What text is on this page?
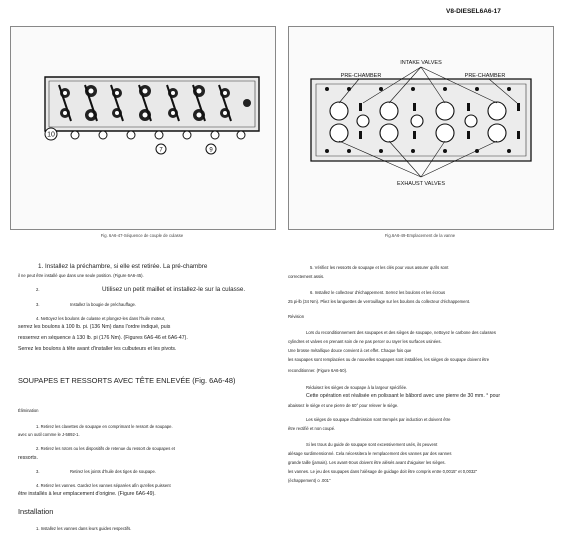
V8-DIESEL6A6-17
10
7	9
Fig. 6A6-47-Séquence de couple de culasse
INTAKE VALVES
PRE-CHAMBER	PRE-CHAMBER
EXHAUST VALVES
Fig.6A6-49-Emplacement de la vanne
1. Installez la préchambre, si elle est retirée. La pré-chambre
il ne peut être installé que dans une seule position. (Figure 6A6-45).
2.	Utilisez un petit maillet et installez-le sur la culasse.
3.	Installez la bougie de préchauffage.
4. Nettoyez les boulons de culasse et plongez-les dans l'huile moteur,
serrez les boulons à 100 lb. pi. (136 Nm) dans l'ordre indiqué, puis
resserrez en séquence à 130 lb. pi (176 Nm). (Figures 6A6-46 et 6A6-47).
Serrez les boulons à tête avant d'installer les culbuteurs et les pivots.
SOUPAPES ET RESSORTS AVEC TÊTE ENLEVÉE (Fig. 6A6-48)
Élimination
1. Retirez les clavettes de soupape en comprimant le ressort de soupape.
avec un outil comme le J-5892-1.
2. Retirez les rotors ou les dispositifs de retenue du ressort de soupapes et
ressorts.
3.	Retirez les joints d'huile des tiges de soupape.
4. Retirez les vannes. Gardez les vannes séparées afin qu'elles puissent
être installés à leur emplacement d'origine. (Figure 6A6-49).
Installation
1. Installez les vannes dans leurs guides respectifs.
5. Vérifiez les ressorts de soupape et les clés pour vous assurer qu'ils sont
correctement assis.
6. Installez le collecteur d'échappement. Serrez les boulons et les écrous
25 pi-lb (34 Nm). Pliez les languettes de verrouillage sur les boulons du collecteur d'échappement.
Révision
Lors du reconditionnement des soupapes et des sièges de soupape, nettoyez le carbone des culasses
cylindres et valves en prenant soin de ne pas percer ou rayer les surfaces usinées.
Une brosse métallique douce convient à cet effet. Chaque fois que
les soupapes sont remplacées ou de nouvelles soupapes sont installées, les sièges de soupape doivent être
reconditionner. (Figure 6A6-50).
Réduisez les sièges de soupape à la largeur spécifiée.
Cette opération est réalisée en polissant le bâbord avec une pierre de 30 mm. ° pour
abaissez le siège et une pierre de 60° pour relever le siège.
Les sièges de soupape d'admission sont trempés par induction et doivent être
être rectifié et non coupé.
Si les trous du guide de soupape sont excessivement usés, ils peuvent
alésage surdimensionné. Cela nécessitera le remplacement des vannes par des vannes
grande taille (jamais). Les avant-trous doivent être alésés avant d'aiguiser les sièges.
les vannes. Le jeu des soupapes dans l'alésage de guidage doit être compris entre 0,0015" et 0,0032"
(échappement) o .001"
